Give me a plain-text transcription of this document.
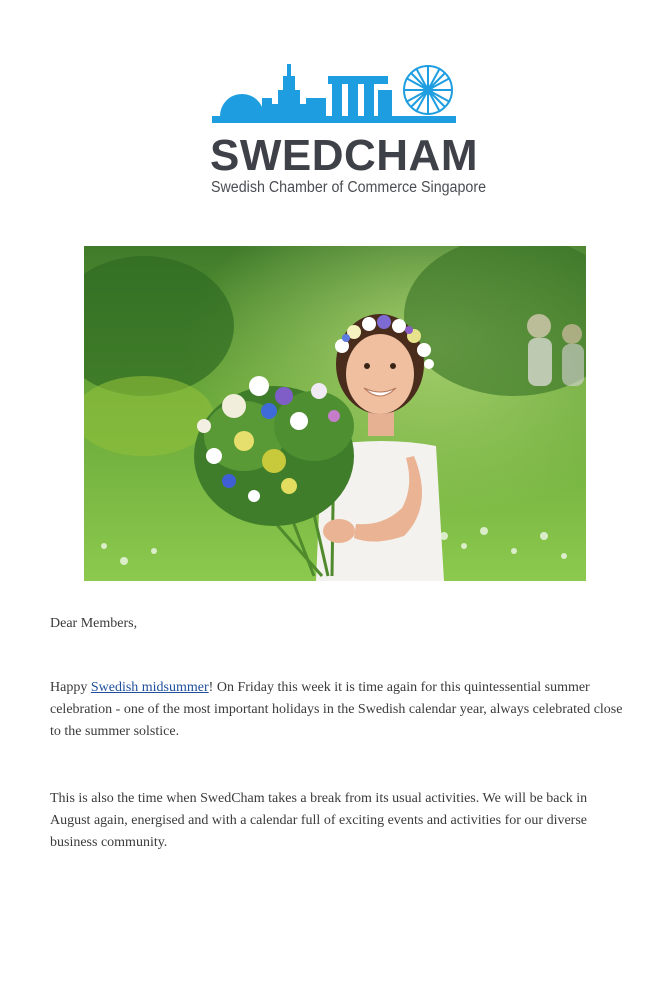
SWEDCHAM
Swedish Chamber of Commerce Singapore
Dear Members,

Happy Swedish midsummer! On Friday this week it is time again for this quintessential summer celebration - one of the most important holidays in the Swedish calendar year, always celebrated close to the summer solstice.

This is also the time when SwedCham takes a break from its usual activities. We will be back in August again, energised and with a calendar full of exciting events and activities for our diverse business community.
